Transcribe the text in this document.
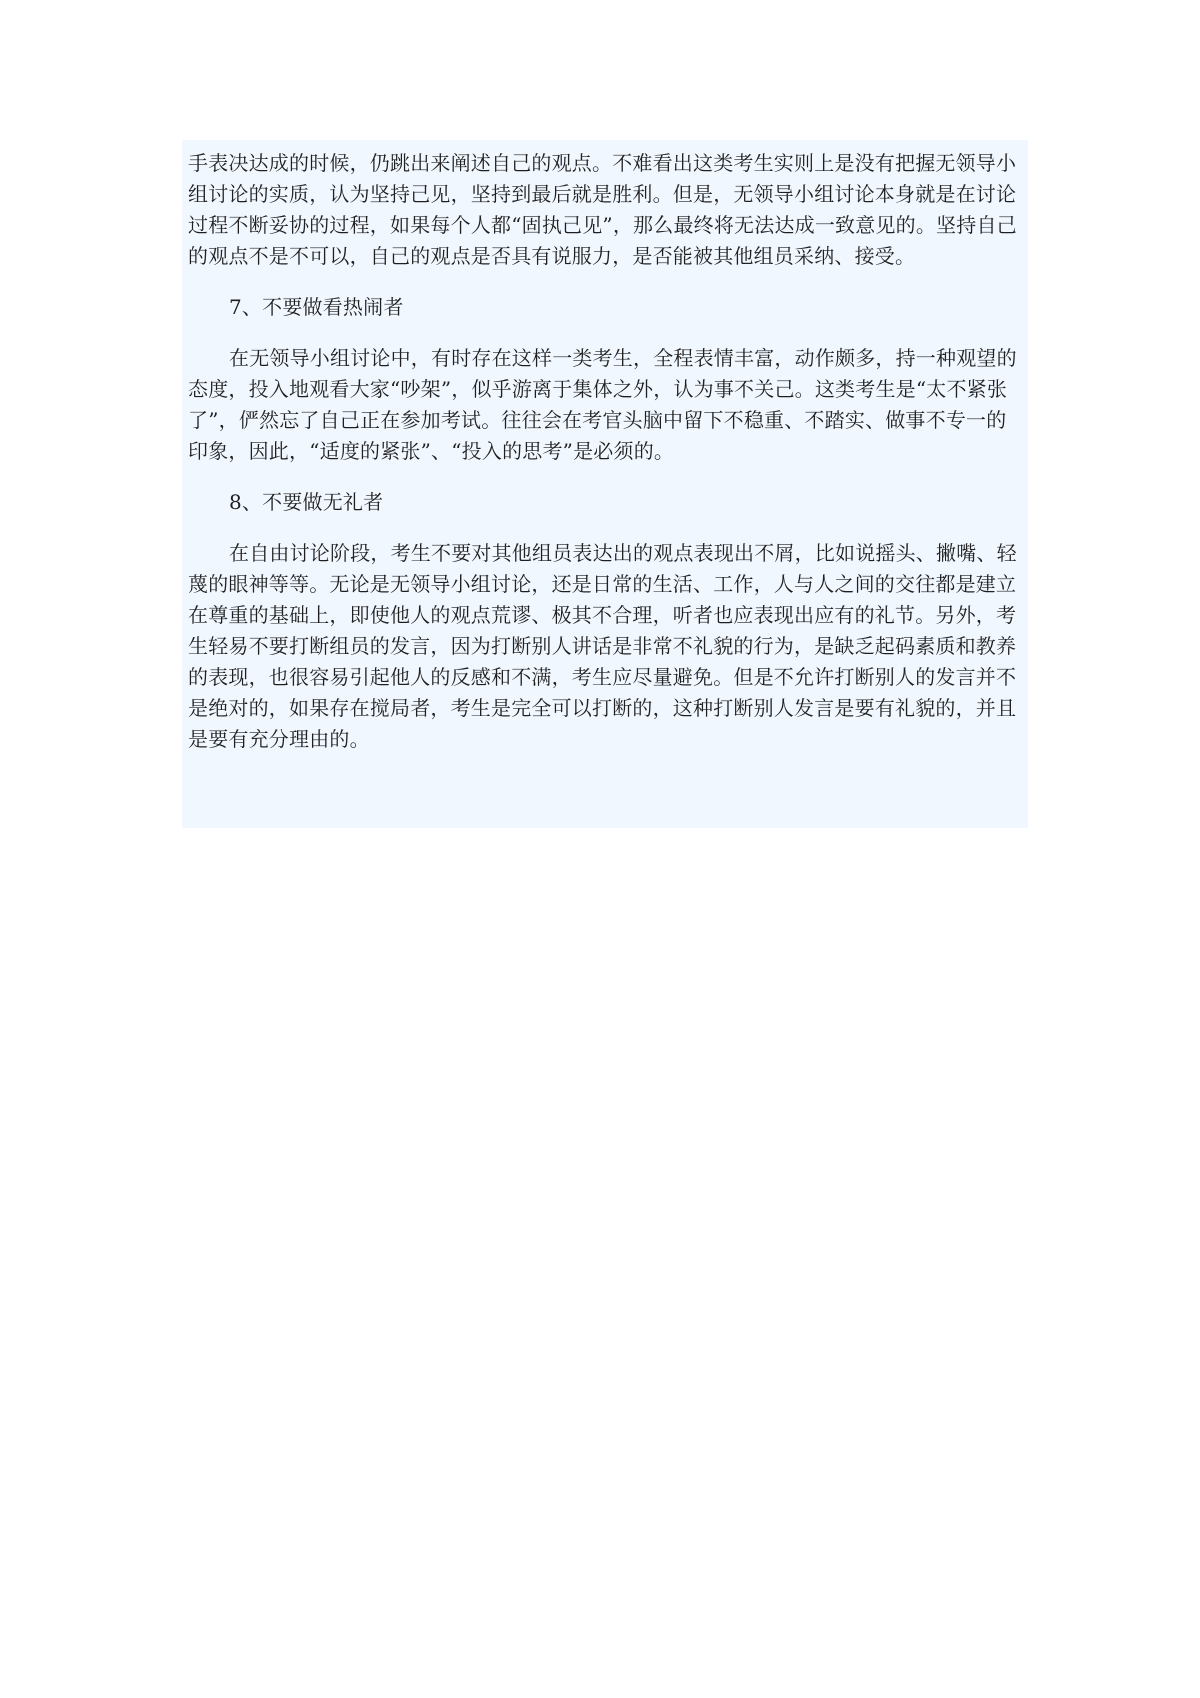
手表决达成的时候，仍跳出来阐述自己的观点。不难看出这类考生实则上是没有把握无领导小组讨论的实质，认为坚持己见，坚持到最后就是胜利。但是，无领导小组讨论本身就是在讨论过程不断妥协的过程，如果每个人都“固执己见”，那么最终将无法达成一致意见的。坚持自己的观点不是不可以，自己的观点是否具有说服力，是否能被其他组员采纳、接受。

7、不要做看热闹者

在无领导小组讨论中，有时存在这样一类考生，全程表情丰富，动作颇多，持一种观望的态度，投入地观看大家“吵架”，似乎游离于集体之外，认为事不关己。这类考生是“太不紧张了”，俨然忘了自己正在参加考试。往往会在考官头脑中留下不稳重、不踏实、做事不专一的印象，因此，“适度的紧张”、“投入的思考”是必须的。

8、不要做无礼者

在自由讨论阶段，考生不要对其他组员表达出的观点表现出不屑，比如说摇头、撇嘴、轻蔑的眼神等等。无论是无领导小组讨论，还是日常的生活、工作，人与人之间的交往都是建立在尊重的基础上，即使他人的观点荒谬、极其不合理，听者也应表现出应有的礼节。另外，考生轻易不要打断组员的发言，因为打断别人讲话是非常不礼貌的行为，是缺乏起码素质和教养的表现，也很容易引起他人的反感和不满，考生应尽量避免。但是不允许打断别人的发言并不是绝对的，如果存在搅局者，考生是完全可以打断的，这种打断别人发言是要有礼貌的，并且是要有充分理由的。
